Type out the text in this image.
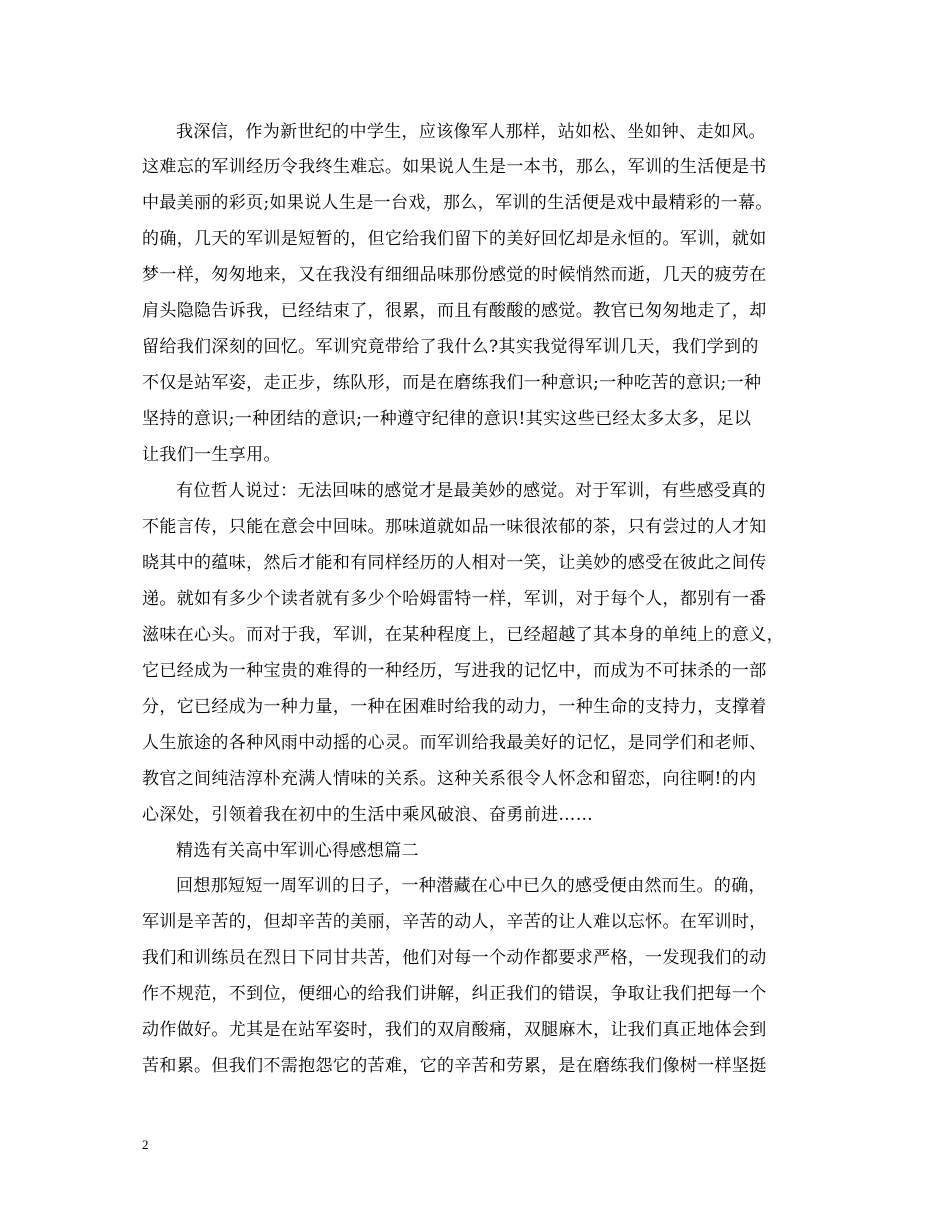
我深信，作为新世纪的中学生，应该像军人那样，站如松、坐如钟、走如风。
这难忘的军训经历令我终生难忘。如果说人生是一本书，那么，军训的生活便是书
中最美丽的彩页;如果说人生是一台戏，那么，军训的生活便是戏中最精彩的一幕。
的确，几天的军训是短暂的，但它给我们留下的美好回忆却是永恒的。军训，就如
梦一样，匆匆地来，又在我没有细细品味那份感觉的时候悄然而逝，几天的疲劳在
肩头隐隐告诉我，已经结束了，很累，而且有酸酸的感觉。教官已匆匆地走了，却
留给我们深刻的回忆。军训究竟带给了我什么?其实我觉得军训几天，我们学到的
不仅是站军姿，走正步，练队形，而是在磨练我们一种意识;一种吃苦的意识;一种
坚持的意识;一种团结的意识;一种遵守纪律的意识!其实这些已经太多太多，足以
让我们一生享用。
有位哲人说过：无法回味的感觉才是最美妙的感觉。对于军训，有些感受真的
不能言传，只能在意会中回味。那味道就如品一味很浓郁的茶，只有尝过的人才知
晓其中的蕴味，然后才能和有同样经历的人相对一笑，让美妙的感受在彼此之间传
递。就如有多少个读者就有多少个哈姆雷特一样，军训，对于每个人，都别有一番
滋味在心头。而对于我，军训，在某种程度上，已经超越了其本身的单纯上的意义，
它已经成为一种宝贵的难得的一种经历，写进我的记忆中，而成为不可抹杀的一部
分，它已经成为一种力量，一种在困难时给我的动力，一种生命的支持力，支撑着
人生旅途的各种风雨中动摇的心灵。而军训给我最美好的记忆，是同学们和老师、
教官之间纯洁淳朴充满人情味的关系。这种关系很令人怀念和留恋，向往啊!的内
心深处，引领着我在初中的生活中乘风破浪、奋勇前进……
精选有关高中军训心得感想篇二
回想那短短一周军训的日子，一种潜藏在心中已久的感受便由然而生。的确，
军训是辛苦的，但却辛苦的美丽，辛苦的动人，辛苦的让人难以忘怀。在军训时，
我们和训练员在烈日下同甘共苦，他们对每一个动作都要求严格，一发现我们的动
作不规范，不到位，便细心的给我们讲解，纠正我们的错误，争取让我们把每一个
动作做好。尤其是在站军姿时，我们的双肩酸痛，双腿麻木，让我们真正地体会到
苦和累。但我们不需抱怨它的苦难，它的辛苦和劳累，是在磨练我们像树一样坚挺
2
